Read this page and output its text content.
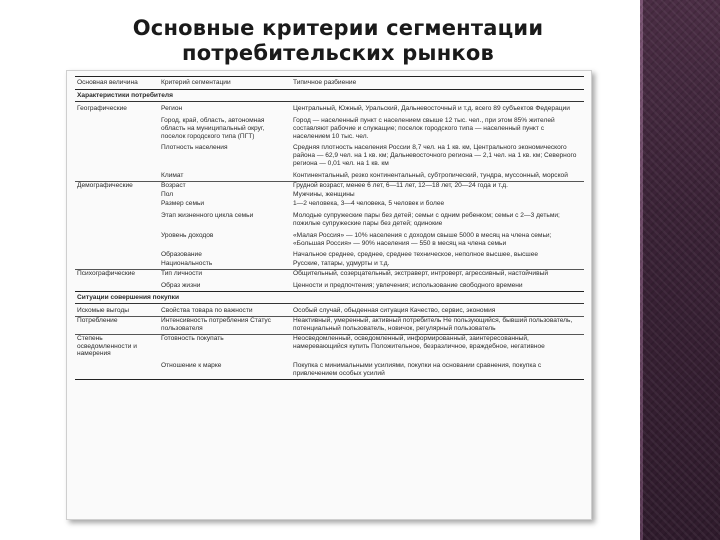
Основные критерии сегментации потребительских рынков
Основная величина	Критерий сегментации	Типичное разбиение
Характеристики потребителя		
Географические	Регион	Центральный, Южный, Уральский, Дальневосточный и т.д. всего 89 субъектов Федерации
	Город, край, область, автономная область на муниципальный округ, поселок городского типа (ПГТ)	Город — населенный пункт с населением свыше 12 тыс. чел., при этом 85% жителей составляют рабочие и служащие; поселок городского типа — населенный пункт с населением 10 тыс. чел.
	Плотность населения	Средняя плотность населения России 8,7 чел. на 1 кв. км, Центрального экономического района — 62,9 чел. на 1 кв. км; Дальневосточного региона — 2,1 чел. на 1 кв. км; Северного региона — 0,01 чел. на 1 кв. км
	Климат	Континентальный, резко континентальный, субтропический, тундра, муссонный, морской
Демографические	Возраст	Грудной возраст, менее 6 лет, 6—11 лет, 12—18 лет, 20—24 года и т.д.
	Пол	Мужчины, женщины
	Размер семьи	1—2 человека, 3—4 человека, 5 человек и более
	Этап жизненного цикла семьи	Молодые супружеские пары без детей; семьи с одним ребенком; семьи с 2—3 детьми; пожилые супружеские пары без детей; одинокие
	Уровень доходов	«Малая Россия» — 10% населения с доходом свыше 5000 в месяц на члена семьи; «Большая Россия» — 90% населения — 550 в месяц на члена семьи
	Образование	Начальное среднее, среднее, среднее техническое, неполное высшее, высшее
	Национальность	Русские, татары, удмурты и т.д.
Психографические	Тип личности	Общительный, созерцательный, экстраверт, интроверт, агрессивный, настойчивый
	Образ жизни	Ценности и предпочтения; увлечения; использование свободного времени
Ситуации совершения покупки		
Искомые выгоды	Свойства товара по важности	Особый случай, обыденная ситуация Качество, сервис, экономия
Потребление	Интенсивность потребления Статус пользователя	Неактивный, умеренный, активный потребитель Не пользующийся, бывший пользователь, потенциальный пользователь, новичок, регулярный пользователь
Степень осведомленности и намерения	Готовность покупать	Неосведомленный, осведомленный, информированный, заинтересованный, намеревающийся купить Положительное, безразличное, враждебное, негативное
	Отношение к марке	Покупка с минимальными усилиями, покупки на основании сравнения, покупка с привлечением особых усилий
